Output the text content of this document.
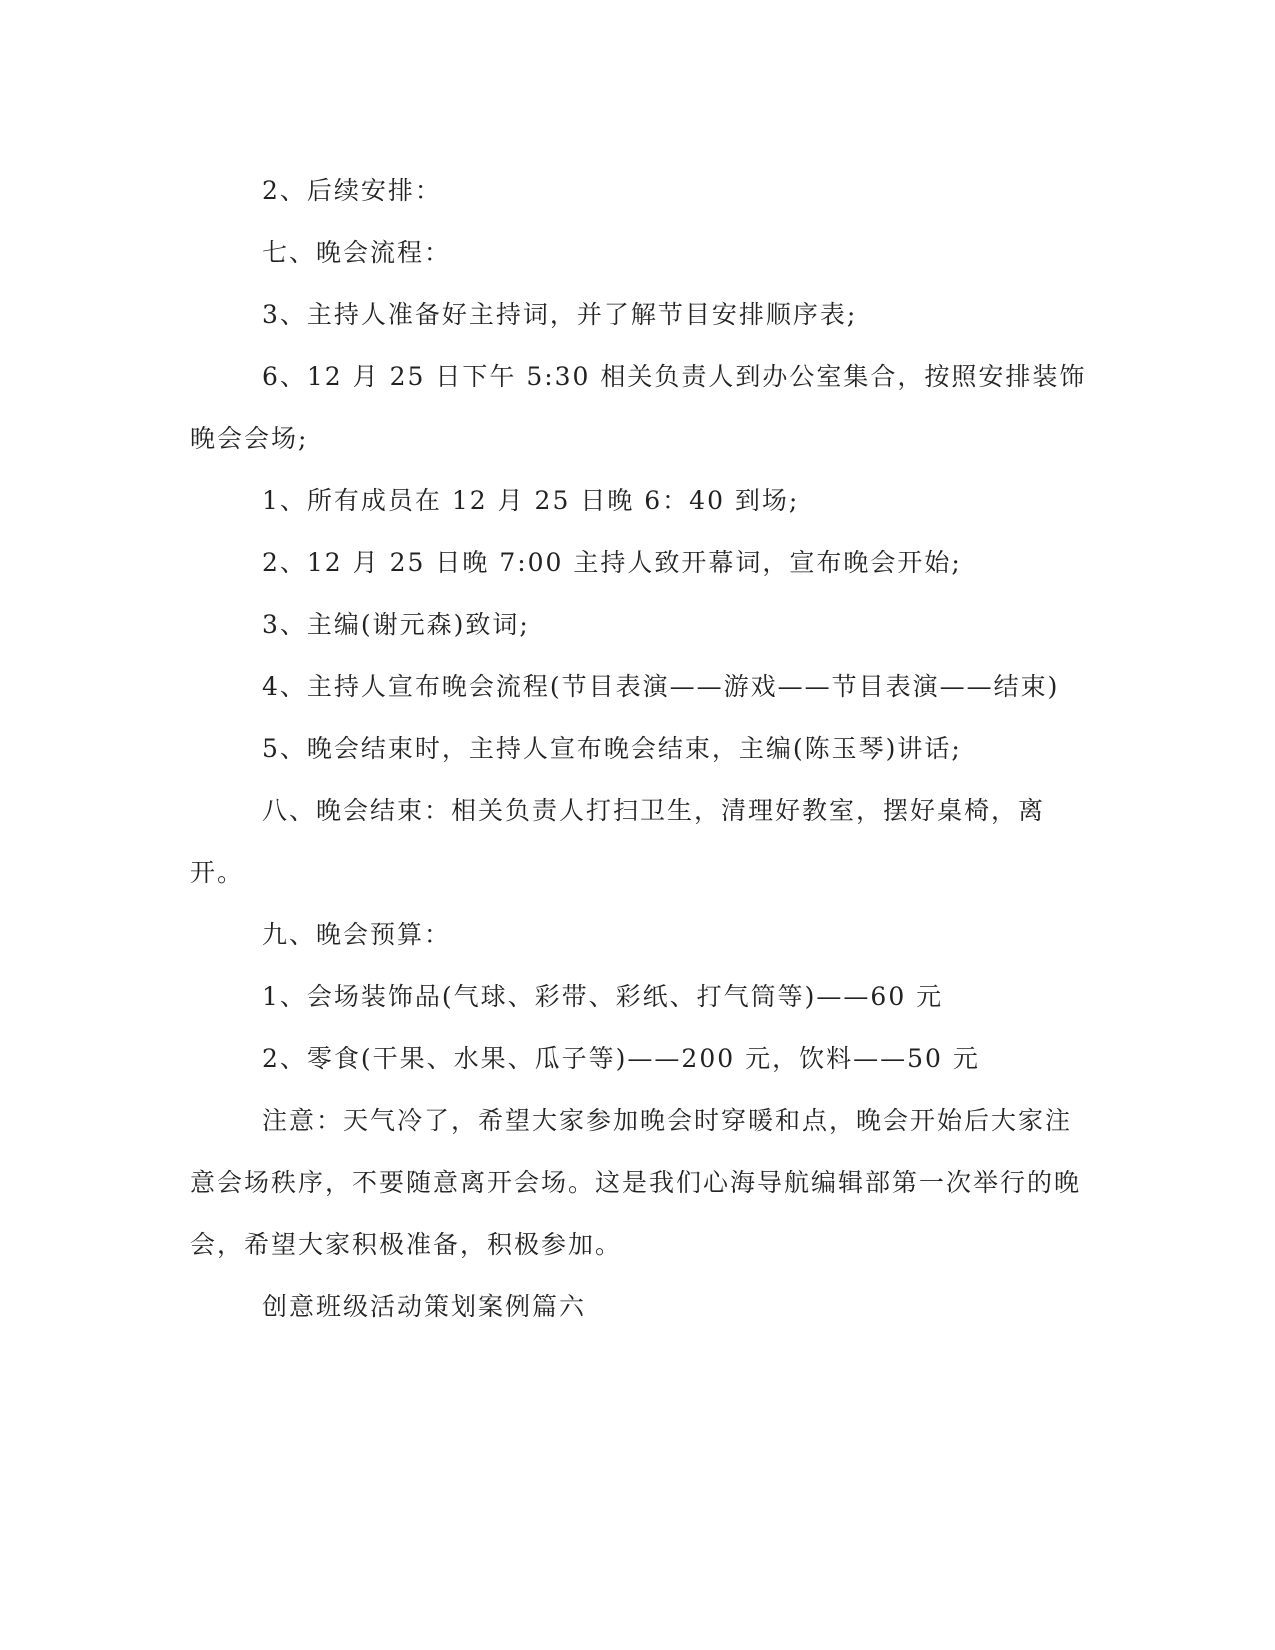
2、后续安排：

七、晚会流程：

3、主持人准备好主持词，并了解节目安排顺序表;

6、12 月 25 日下午 5:30 相关负责人到办公室集合，按照安排装饰晚会会场;

1、所有成员在 12 月 25 日晚 6：40 到场;

2、12 月 25 日晚 7:00 主持人致开幕词，宣布晚会开始;

3、主编(谢元森)致词;

4、主持人宣布晚会流程(节目表演——游戏——节目表演——结束)

5、晚会结束时，主持人宣布晚会结束，主编(陈玉琴)讲话;

八、晚会结束：相关负责人打扫卫生，清理好教室，摆好桌椅，离开。

九、晚会预算：

1、会场装饰品(气球、彩带、彩纸、打气筒等)——60 元

2、零食(干果、水果、瓜子等)——200 元，饮料——50 元

注意：天气冷了，希望大家参加晚会时穿暖和点，晚会开始后大家注意会场秩序，不要随意离开会场。这是我们心海导航编辑部第一次举行的晚会，希望大家积极准备，积极参加。

创意班级活动策划案例篇六
